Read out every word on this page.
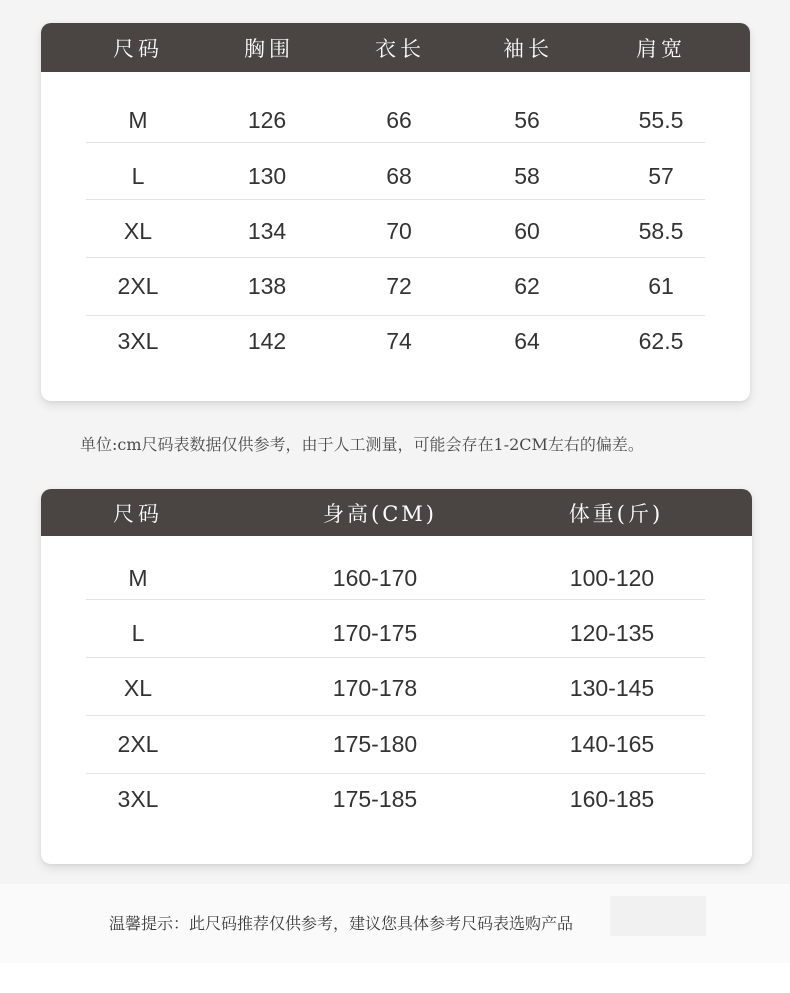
尺码	胸围	衣长	袖长	肩宽
M	126	66	56	55.5
L	130	68	58	57
XL	134	70	60	58.5
2XL	138	72	62	61
3XL	142	74	64	62.5
单位:cm尺码表数据仅供参考，由于人工测量，可能会存在1-2CM左右的偏差。
尺码	身高(CM)	体重(斤)
M	160-170	100-120
L	170-175	120-135
XL	170-178	130-145
2XL	175-180	140-165
3XL	175-185	160-185
温馨提示：此尺码推荐仅供参考，建议您具体参考尺码表选购产品
